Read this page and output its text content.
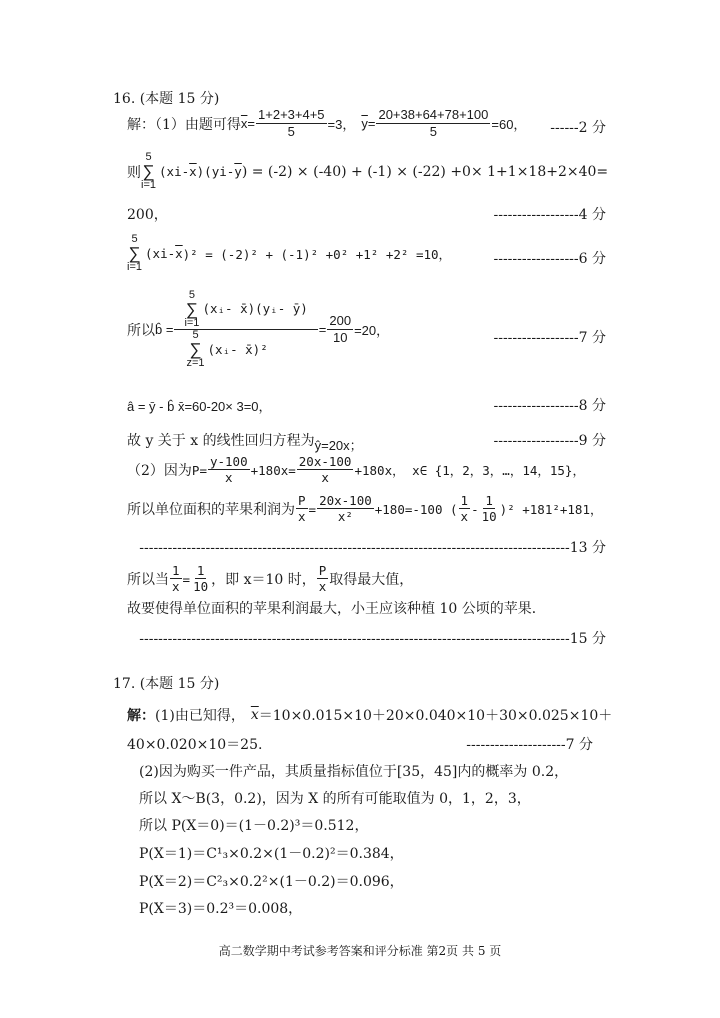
16. (本题 15 分)
解：（1）由题可得 $\overline{x} = \frac{1+2+3+4+5}{5} =3$， $\overline{y} = \frac{20+38+64+78+100}{5} =60$， ------2 分
则
5
∑
i=1
(x i - $\overline{x}$ )(y i - $\overline{y}$ ) = (-2) × (-40) + (-1) × (-22) +0× 1+1×18+2×40=
200，	------------------4 分
5
∑
i=1
(x i - $\overline{x}$ )² = (-2)² + (-1)² +0² +1² +2² =10，	------------------6 分
所以 b̂ = 5
∑
i=1
(xᵢ- x̄)(yᵢ- ȳ)
5
∑
z=1
(xᵢ- x̄)² = $\frac{200}{10} =20$，	------------------7 分
â = ȳ - b̂ x̄=60-20× 3=0，	------------------8 分
故 y 关于 x 的线性回归方程为 ŷ=20x；	------------------9 分
（2）因为 $P= \frac{y-100}{x} +180x= \frac{20x-100}{x} +180x$， x∈ {1，2，3，…，14，15}，
所以单位面积的苹果利润为 $\frac{P}{x} = \frac{20x-100}{\text{x²}} +180=-100$ ( $\frac{1}{x} - \frac{1}{10} )^2 +181^2+181$，
-------------------------------------------------------------------------------------------13 分
所以当 $\frac{1}{x} = \frac{1}{10}$ ，即 x＝10 时， $\frac{P}{x}$ 取得最大值，
故要使得单位面积的苹果利润最大，小王应该种植 10 公顷的苹果．
-------------------------------------------------------------------------------------------15 分
17. (本题 15 分)
解： (1)由已知得， $\overline{x} =10\times 0.015\times 10+20\times 0.040\times 10+30\times 0.025\times 10+$
40×0.020×10＝25.	---------------------7 分
(2)因为购买一件产品，其质量指标值位于[35，45]内的概率为 0.2，
所以 X～B(3，0.2)，因为 X 的所有可能取值为 0，1，2，3，
所以 P(X＝0)＝(1－0.2)³＝0.512，
P(X＝1)＝C¹₃×0.2×(1－0.2)²＝0.384，
P(X＝2)＝C²₃×0.2²×(1－0.2)＝0.096，
P(X＝3)＝0.2³＝0.008，
高二数学期中考试参考答案和评分标准 第2页 共 5 页
